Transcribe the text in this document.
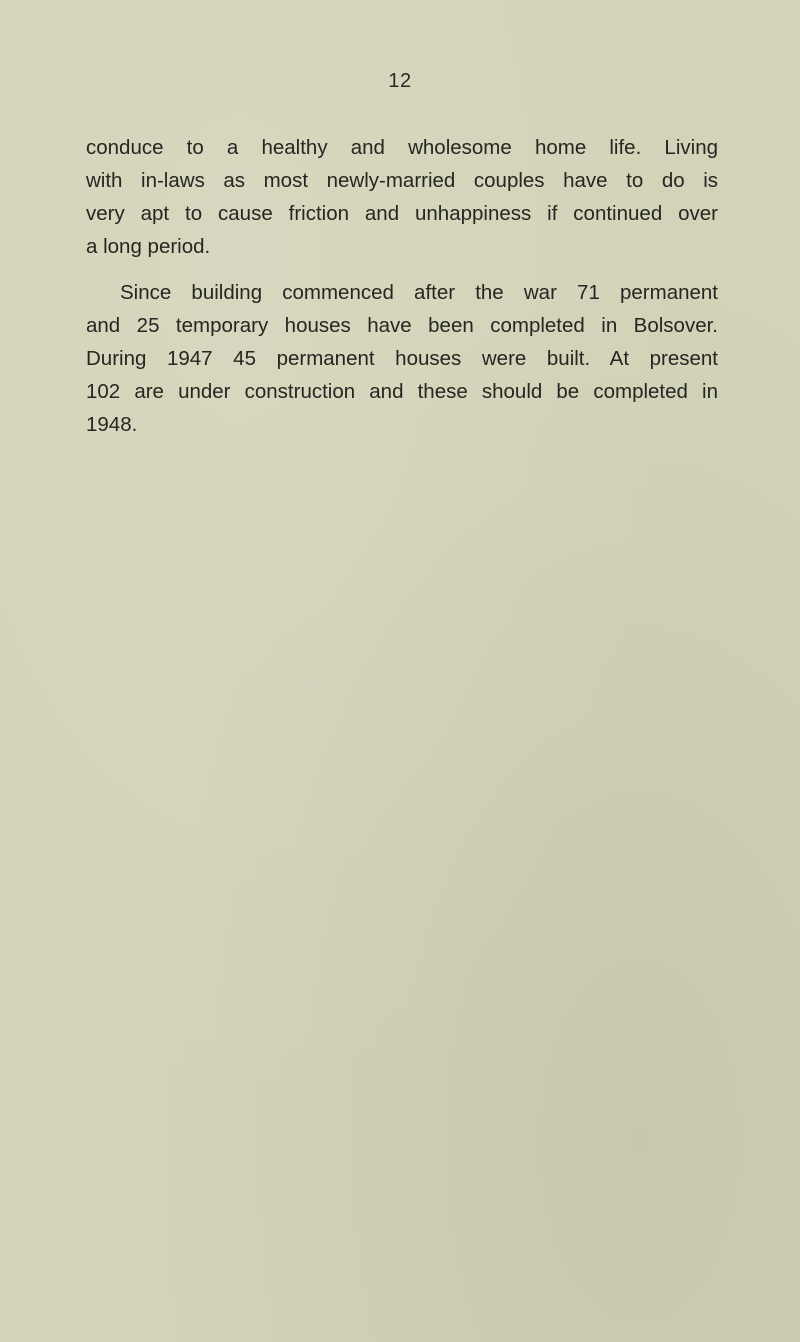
12
conduce to a healthy and wholesome home life. Living
with in-laws as most newly-married couples have to do is
very apt to cause friction and unhappiness if continued over
a long period.
Since building commenced after the war 71 permanent
and 25 temporary houses have been completed in Bolsover.
During 1947 45 permanent houses were built. At present
102 are under construction and these should be completed in
1948.
